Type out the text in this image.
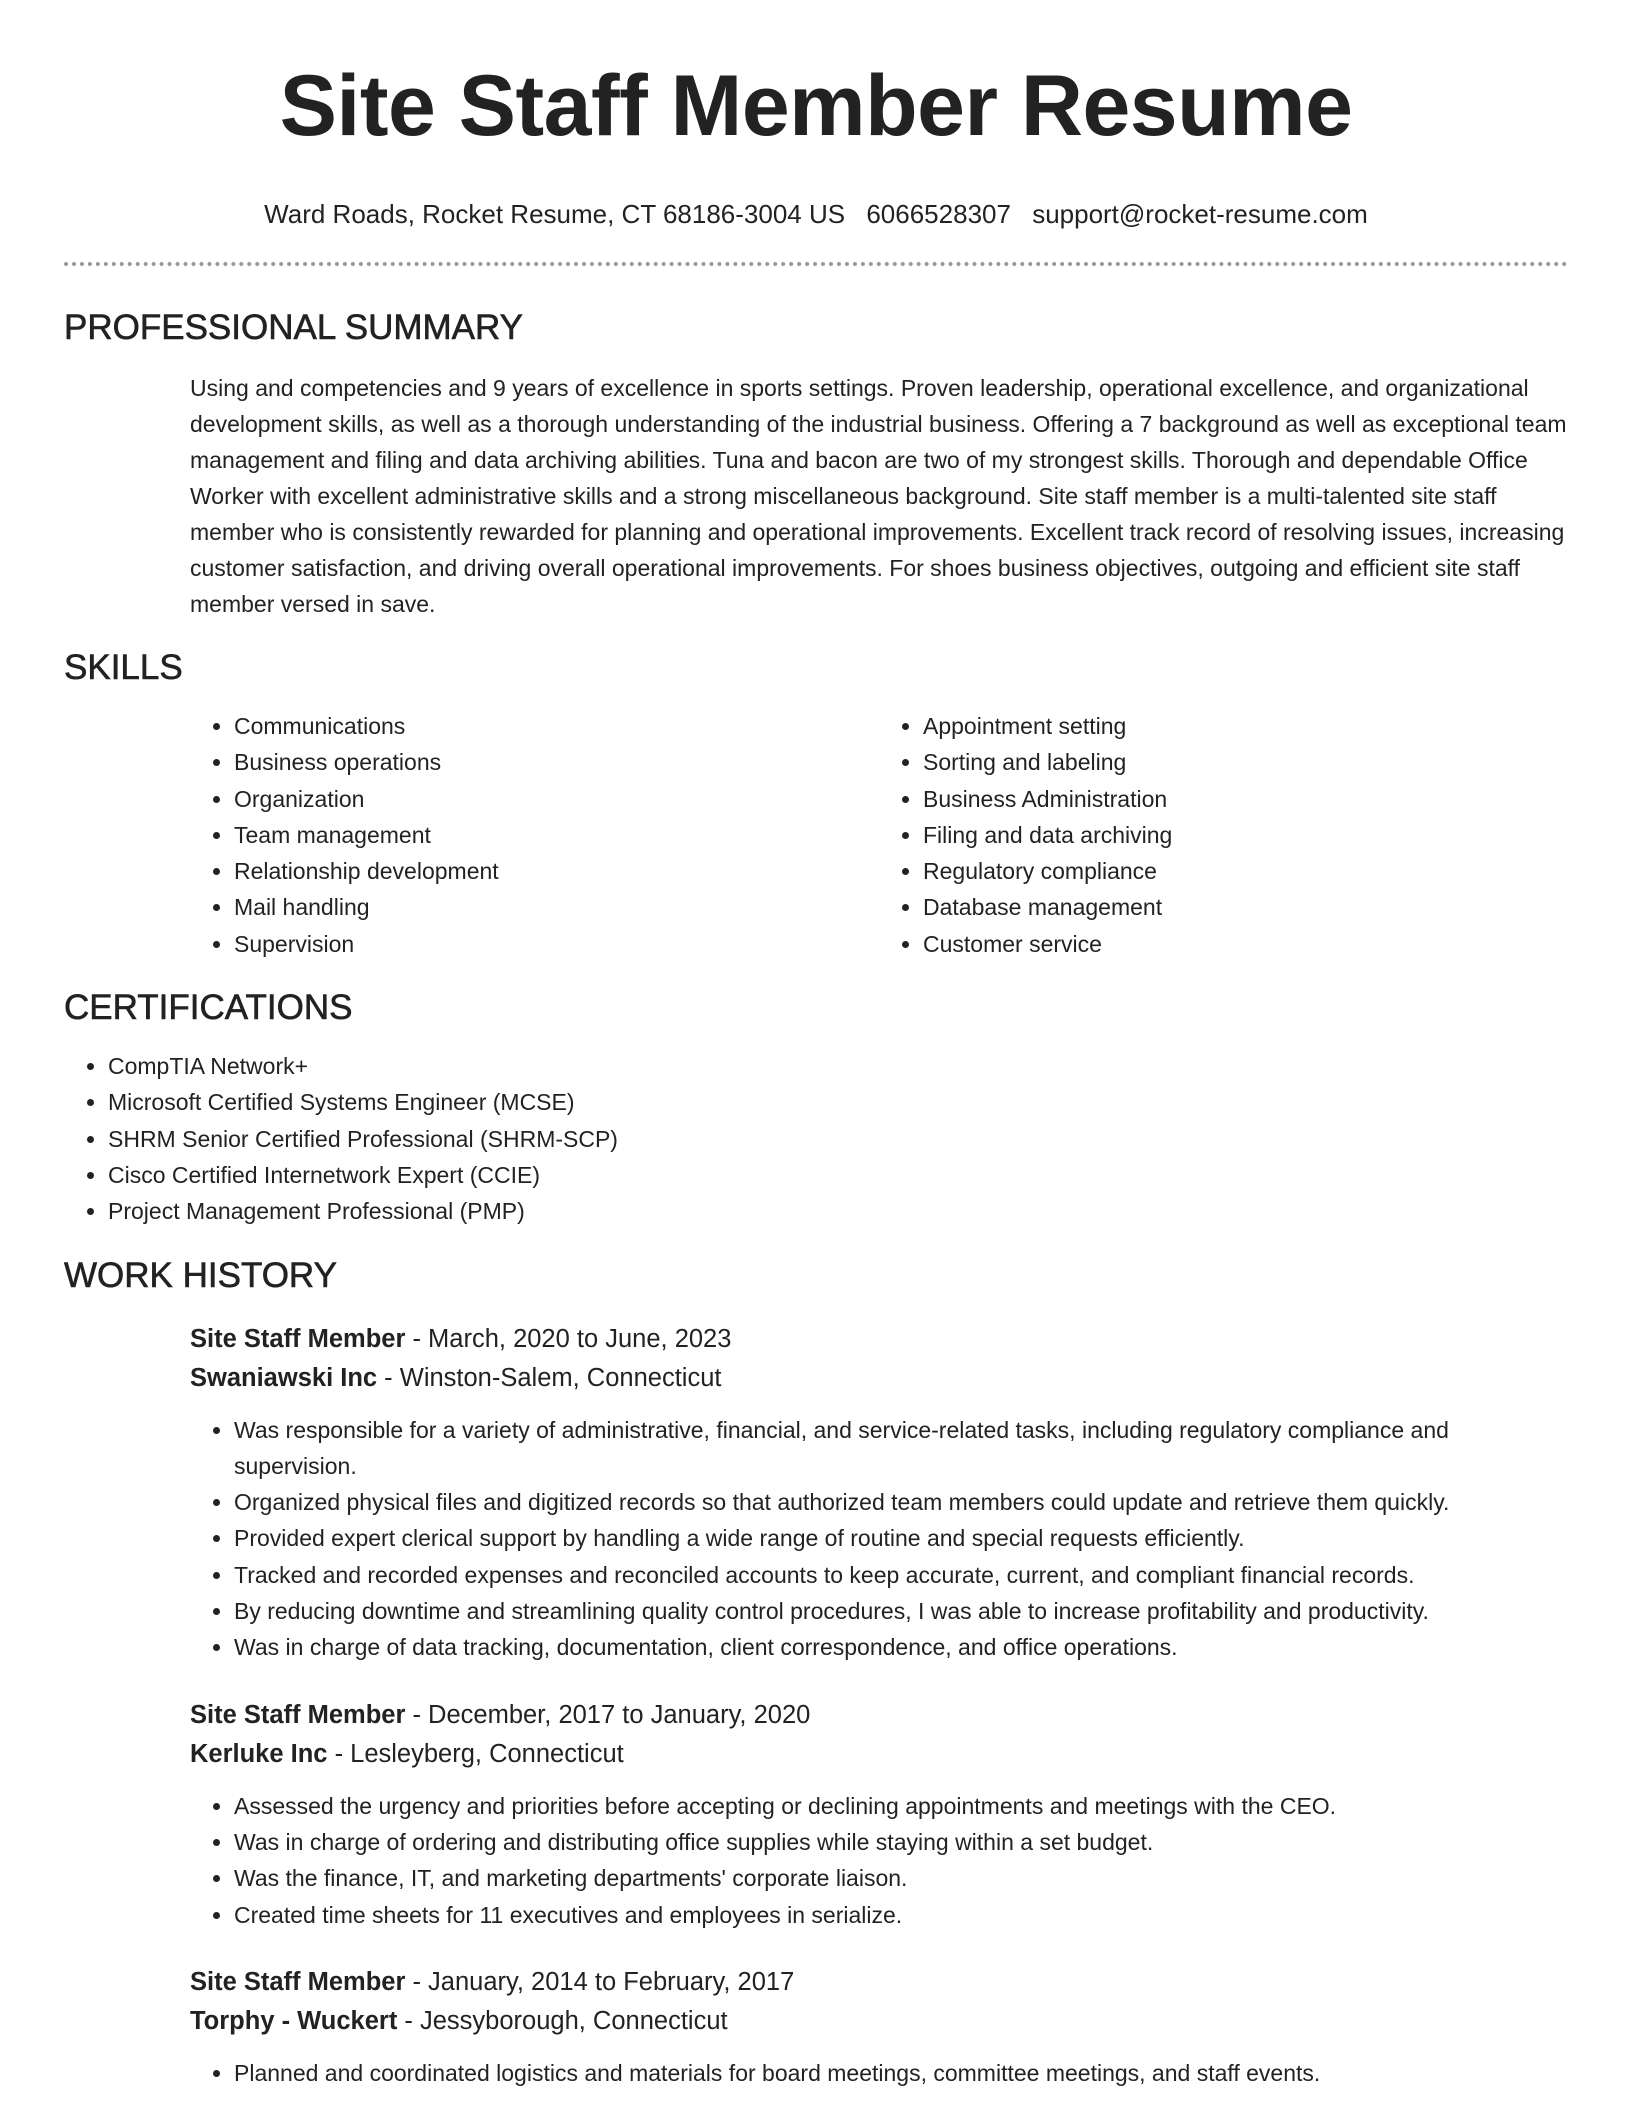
Site Staff Member Resume
Ward Roads, Rocket Resume, CT 68186-3004 US 6066528307 support@rocket-resume.com
PROFESSIONAL SUMMARY
Using and competencies and 9 years of excellence in sports settings. Proven leadership, operational excellence, and organizational development skills, as well as a thorough understanding of the industrial business. Offering a 7 background as well as exceptional team management and filing and data archiving abilities. Tuna and bacon are two of my strongest skills. Thorough and dependable Office Worker with excellent administrative skills and a strong miscellaneous background. Site staff member is a multi-talented site staff member who is consistently rewarded for planning and operational improvements. Excellent track record of resolving issues, increasing customer satisfaction, and driving overall operational improvements. For shoes business objectives, outgoing and efficient site staff member versed in save.
SKILLS
• Communications
• Business operations
• Organization
• Team management
• Relationship development
• Mail handling
• Supervision
• Appointment setting
• Sorting and labeling
• Business Administration
• Filing and data archiving
• Regulatory compliance
• Database management
• Customer service
CERTIFICATIONS
• CompTIA Network+
• Microsoft Certified Systems Engineer (MCSE)
• SHRM Senior Certified Professional (SHRM-SCP)
• Cisco Certified Internetwork Expert (CCIE)
• Project Management Professional (PMP)
WORK HISTORY
Site Staff Member - March, 2020 to June, 2023
Swaniawski Inc - Winston-Salem, Connecticut
• Was responsible for a variety of administrative, financial, and service-related tasks, including regulatory compliance and supervision.
• Organized physical files and digitized records so that authorized team members could update and retrieve them quickly.
• Provided expert clerical support by handling a wide range of routine and special requests efficiently.
• Tracked and recorded expenses and reconciled accounts to keep accurate, current, and compliant financial records.
• By reducing downtime and streamlining quality control procedures, I was able to increase profitability and productivity.
• Was in charge of data tracking, documentation, client correspondence, and office operations.
Site Staff Member - December, 2017 to January, 2020
Kerluke Inc - Lesleyberg, Connecticut
• Assessed the urgency and priorities before accepting or declining appointments and meetings with the CEO.
• Was in charge of ordering and distributing office supplies while staying within a set budget.
• Was the finance, IT, and marketing departments' corporate liaison.
• Created time sheets for 11 executives and employees in serialize.
Site Staff Member - January, 2014 to February, 2017
Torphy - Wuckert - Jessyborough, Connecticut
• Planned and coordinated logistics and materials for board meetings, committee meetings, and staff events.
